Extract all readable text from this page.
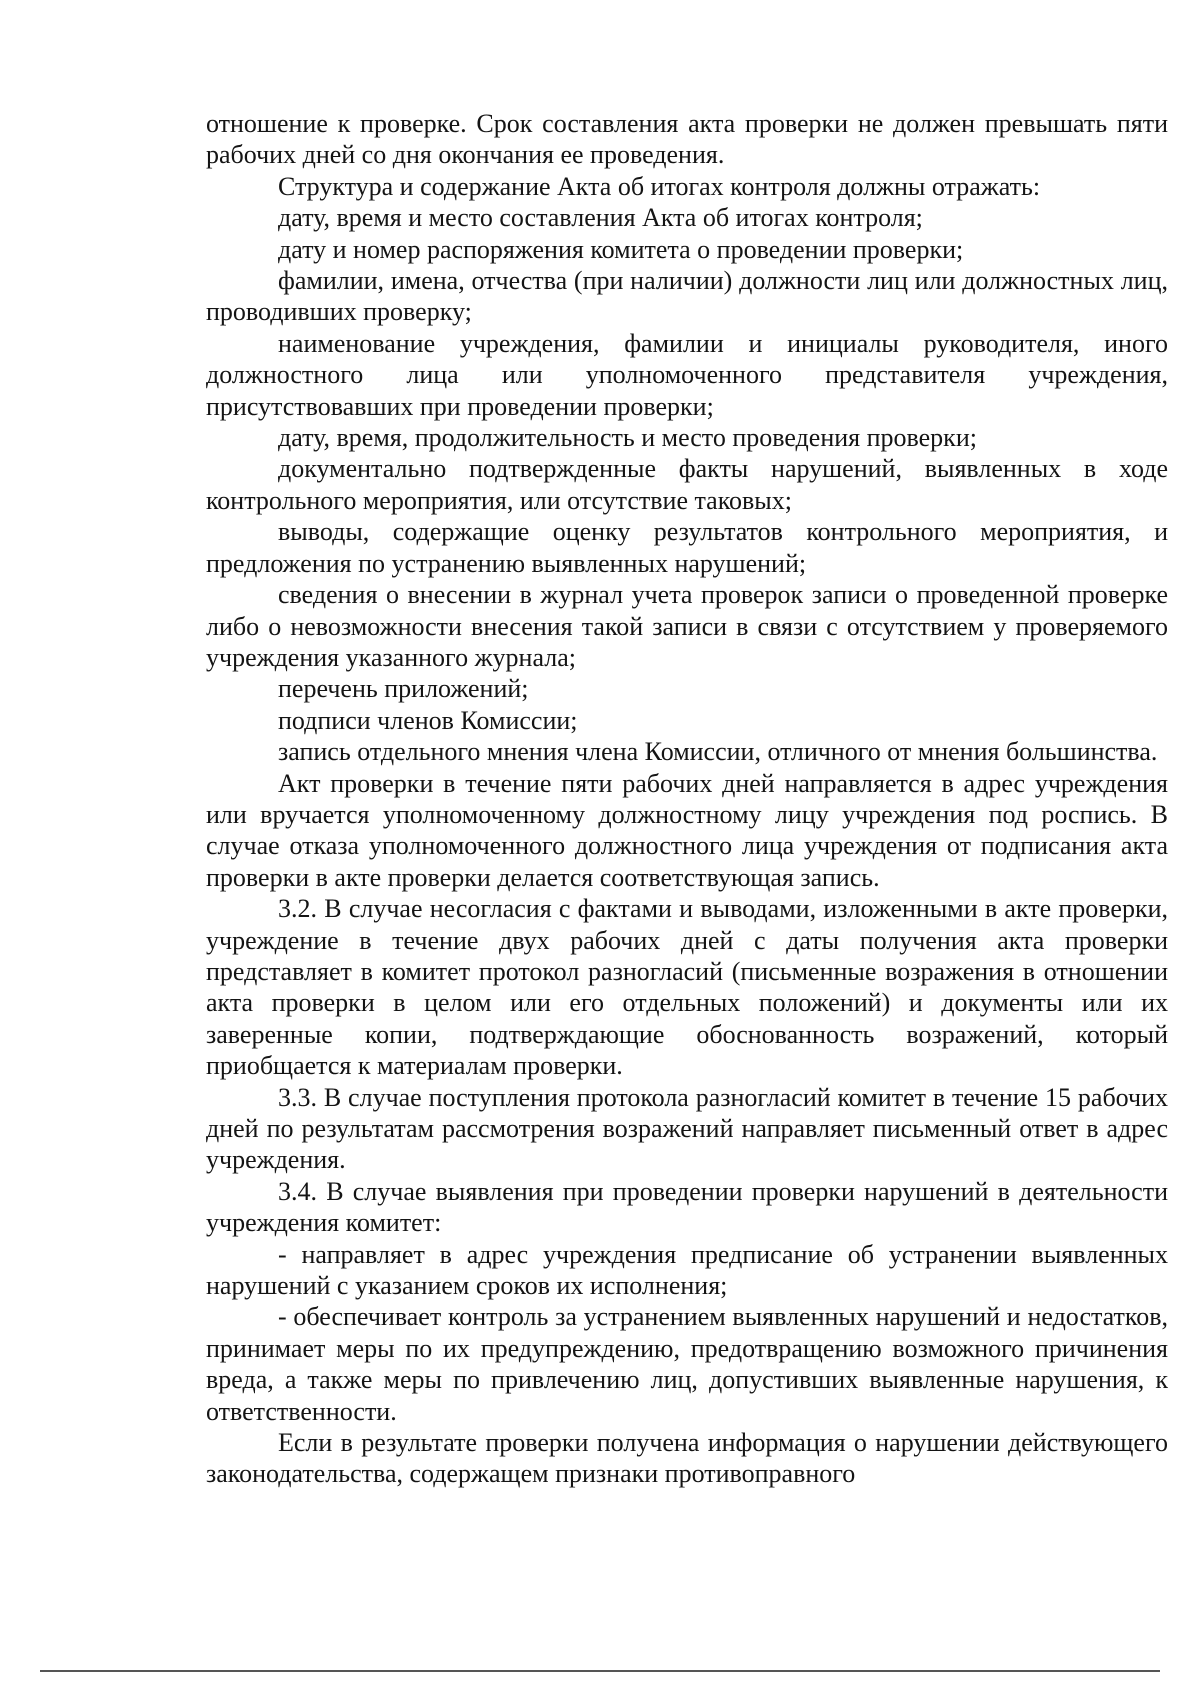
отношение к проверке. Срок составления акта проверки не должен превышать пяти рабочих дней со дня окончания ее проведения.

Структура и содержание Акта об итогах контроля должны отражать:

дату, время и место составления Акта об итогах контроля;

дату и номер распоряжения комитета о проведении проверки;

фамилии, имена, отчества (при наличии) должности лиц или должностных лиц, проводивших проверку;

наименование учреждения, фамилии и инициалы руководителя, иного должностного лица или уполномоченного представителя учреждения, присутствовавших при проведении проверки;

дату, время, продолжительность и место проведения проверки;

документально подтвержденные факты нарушений, выявленных в ходе контрольного мероприятия, или отсутствие таковых;

выводы, содержащие оценку результатов контрольного мероприятия, и предложения по устранению выявленных нарушений;

сведения о внесении в журнал учета проверок записи о проведенной проверке либо о невозможности внесения такой записи в связи с отсутствием у проверяемого учреждения указанного журнала;

перечень приложений;

подписи членов Комиссии;

запись отдельного мнения члена Комиссии, отличного от мнения большинства.

Акт проверки в течение пяти рабочих дней направляется в адрес учреждения или вручается уполномоченному должностному лицу учреждения под роспись. В случае отказа уполномоченного должностного лица учреждения от подписания акта проверки в акте проверки делается соответствующая запись.

3.2. В случае несогласия с фактами и выводами, изложенными в акте проверки, учреждение в течение двух рабочих дней с даты получения акта проверки представляет в комитет протокол разногласий (письменные возражения в отношении акта проверки в целом или его отдельных положений) и документы или их заверенные копии, подтверждающие обоснованность возражений, который приобщается к материалам проверки.

3.3. В случае поступления протокола разногласий комитет в течение 15 рабочих дней по результатам рассмотрения возражений направляет письменный ответ в адрес учреждения.

3.4. В случае выявления при проведении проверки нарушений в деятельности учреждения комитет:

- направляет в адрес учреждения предписание об устранении выявленных нарушений с указанием сроков их исполнения;

- обеспечивает контроль за устранением выявленных нарушений и недостатков, принимает меры по их предупреждению, предотвращению возможного причинения вреда, а также меры по привлечению лиц, допустивших выявленные нарушения, к ответственности.

Если в результате проверки получена информация о нарушении действующего законодательства, содержащем признаки противоправного
